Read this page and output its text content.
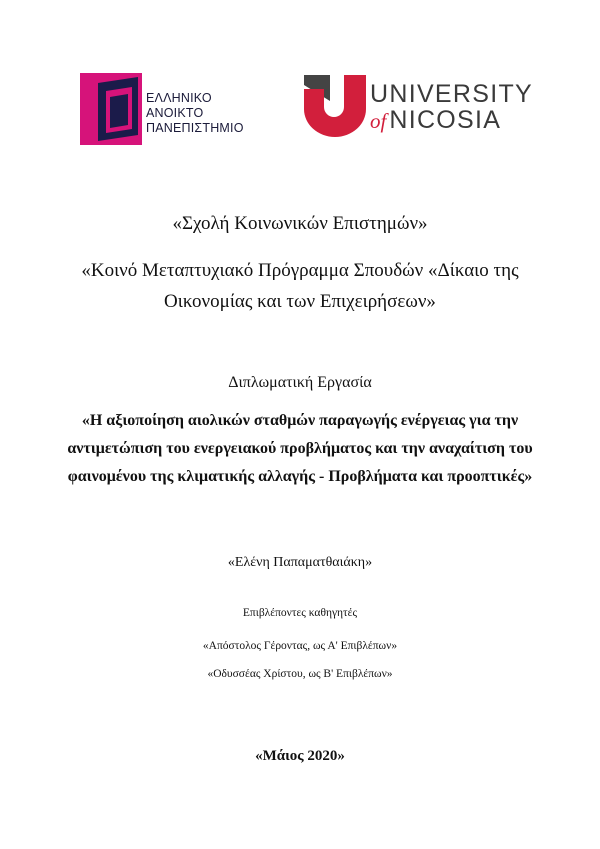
ΕΛΛΗΝΙΚΟ
ΑΝΟΙΚΤΟ
ΠΑΝΕΠΙΣΤΗΜΙΟ
UNIVERSITY
of NICOSIA
«Σχολή Κοινωνικών Επιστημών»
«Κοινό Μεταπτυχιακό Πρόγραμμα Σπουδών «Δίκαιο της Οικονομίας και των Επιχειρήσεων»
Διπλωματική Εργασία
«Η αξιοποίηση αιολικών σταθμών παραγωγής ενέργειας για την αντιμετώπιση του ενεργειακού προβλήματος και την αναχαίτιση του φαινομένου της κλιματικής αλλαγής - Προβλήματα και προοπτικές»
«Ελένη Παπαματθαιάκη»
Επιβλέποντες καθηγητές
«Απόστολος Γέροντας, ως Α' Επιβλέπων»
«Οδυσσέας Χρίστου, ως Β' Επιβλέπων»
«Μάιος 2020»
